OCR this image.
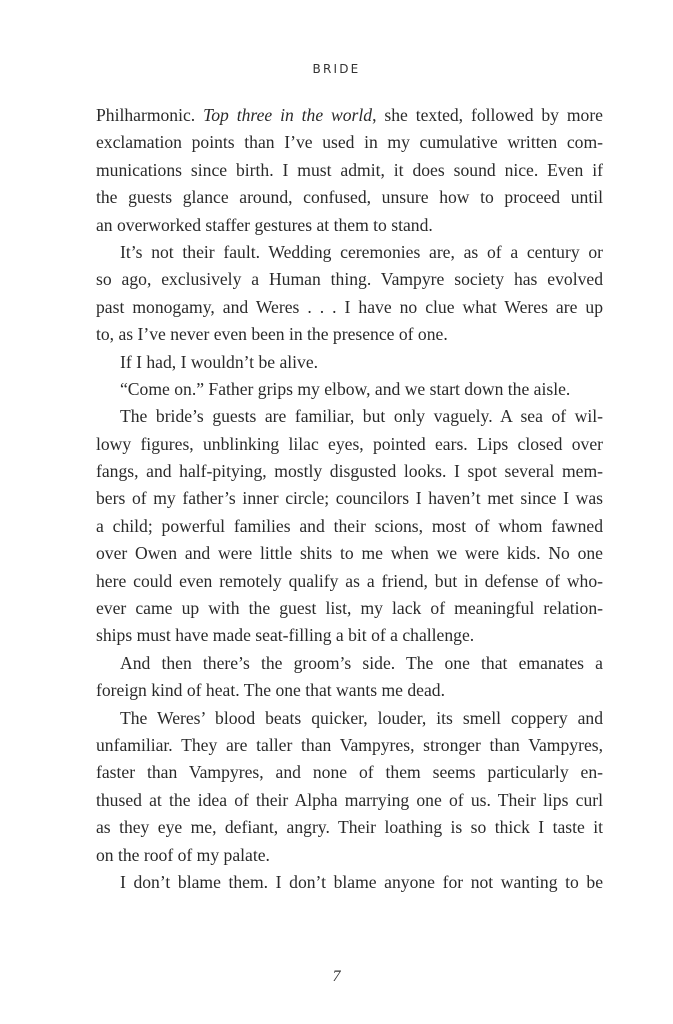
BRIDE
Philharmonic. Top three in the world, she texted, followed by more
exclamation points than I’ve used in my cumulative written com-
munications since birth. I must admit, it does sound nice. Even if
the guests glance around, confused, unsure how to proceed until
an overworked staffer gestures at them to stand.
It’s not their fault. Wedding ceremonies are, as of a century or
so ago, exclusively a Human thing. Vampyre society has evolved
past monogamy, and Weres . . . I have no clue what Weres are up
to, as I’ve never even been in the presence of one.
If I had, I wouldn’t be alive.
“Come on.” Father grips my elbow, and we start down the aisle.
The bride’s guests are familiar, but only vaguely. A sea of wil-
lowy figures, unblinking lilac eyes, pointed ears. Lips closed over
fangs, and half-pitying, mostly disgusted looks. I spot several mem-
bers of my father’s inner circle; councilors I haven’t met since I was
a child; powerful families and their scions, most of whom fawned
over Owen and were little shits to me when we were kids. No one
here could even remotely qualify as a friend, but in defense of who-
ever came up with the guest list, my lack of meaningful relation-
ships must have made seat-filling a bit of a challenge.
And then there’s the groom’s side. The one that emanates a
foreign kind of heat. The one that wants me dead.
The Weres’ blood beats quicker, louder, its smell coppery and
unfamiliar. They are taller than Vampyres, stronger than Vampyres,
faster than Vampyres, and none of them seems particularly en-
thused at the idea of their Alpha marrying one of us. Their lips curl
as they eye me, defiant, angry. Their loathing is so thick I taste it
on the roof of my palate.
I don’t blame them. I don’t blame anyone for not wanting to be
7
